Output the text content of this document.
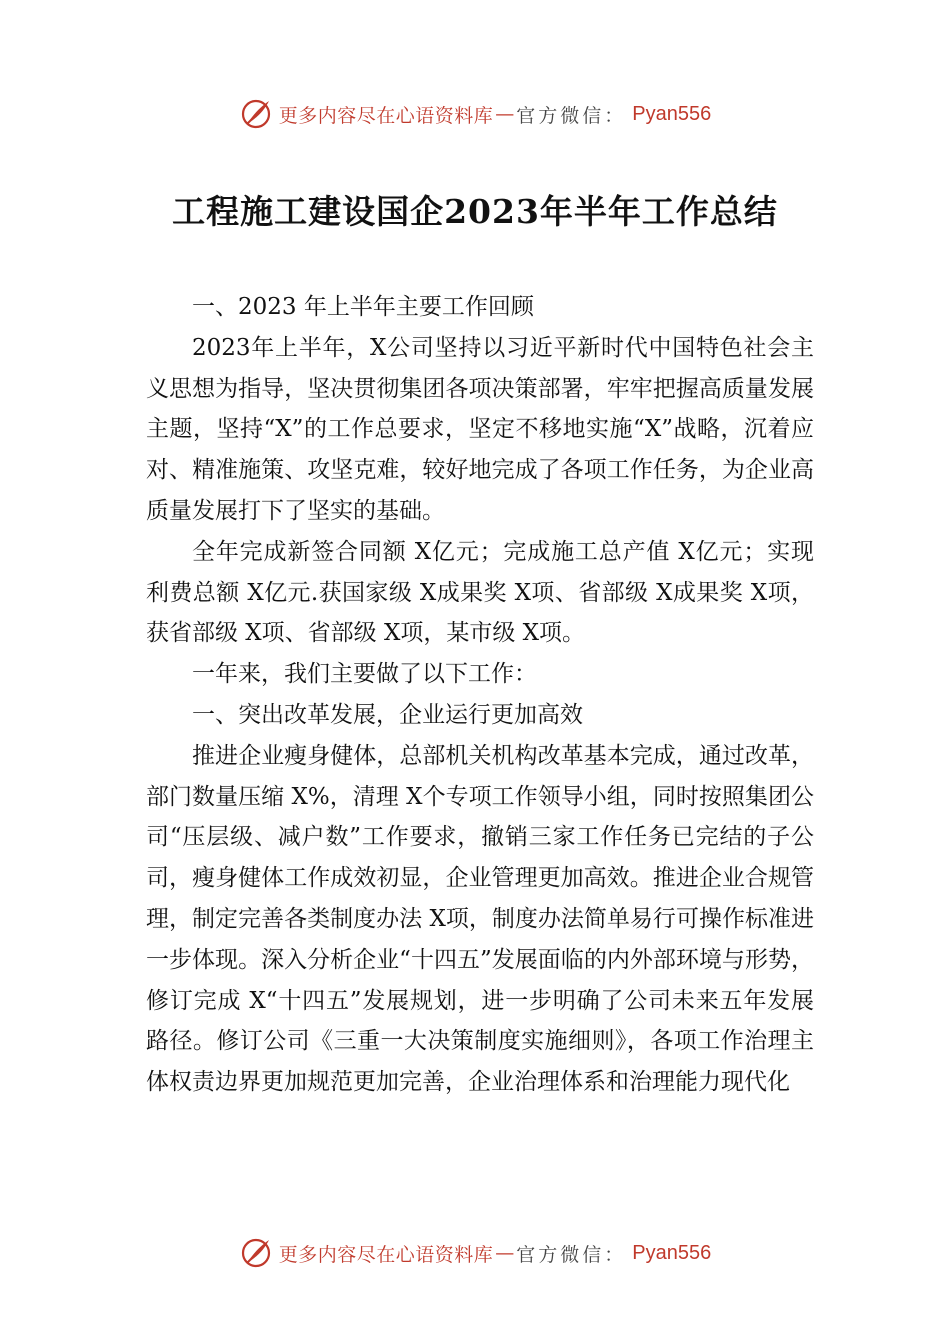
更多内容尽在心语资料库 — 官方微信： Pyan556
工程施工建设国企2023年半年工作总结

一、2023 年上半年主要工作回顾

2023年上半年，X公司坚持以习近平新时代中国特色社会主义思想为指导，坚决贯彻集团各项决策部署，牢牢把握高质量发展主题，坚持“X”的工作总要求，坚定不移地实施“X”战略，沉着应对、精准施策、攻坚克难，较好地完成了各项工作任务，为企业高质量发展打下了坚实的基础。

全年完成新签合同额 X亿元；完成施工总产值 X亿元；实现利费总额 X亿元.获国家级 X成果奖 X项、省部级 X成果奖 X项，获省部级 X项、省部级 X项，某市级 X项。

一年来，我们主要做了以下工作：

一、突出改革发展，企业运行更加高效

推进企业瘦身健体，总部机关机构改革基本完成，通过改革，部门数量压缩 X%，清理 X个专项工作领导小组，同时按照集团公司“压层级、减户数”工作要求，撤销三家工作任务已完结的子公司，瘦身健体工作成效初显，企业管理更加高效。推进企业合规管理，制定完善各类制度办法 X项，制度办法简单易行可操作标准进一步体现。深入分析企业“十四五”发展面临的内外部环境与形势，修订完成 X“十四五”发展规划，进一步明确了公司未来五年发展路径。修订公司《三重一大决策制度实施细则》，各项工作治理主体权责边界更加规范更加完善，企业治理体系和治理能力现代化

更多内容尽在心语资料库 — 官方微信： Pyan556
